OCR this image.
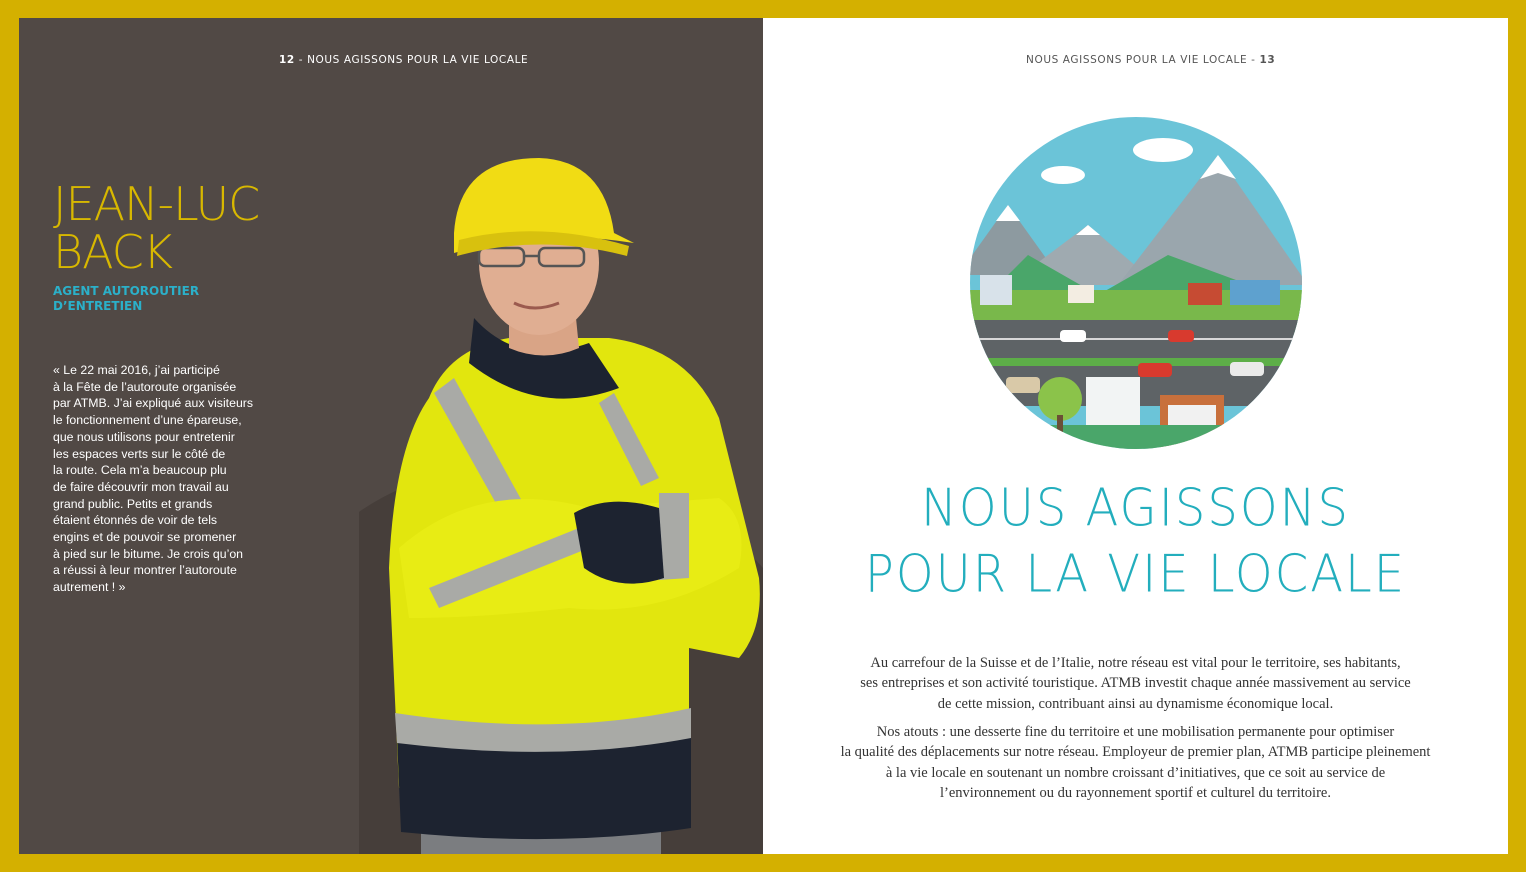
12 - NOUS AGISSONS POUR LA VIE LOCALE
JEAN-LUC
BACK
AGENT AUTOROUTIER
D’ENTRETIEN
« Le 22 mai 2016, j’ai participé
à la Fête de l’autoroute organisée
par ATMB. J’ai expliqué aux visiteurs
le fonctionnement d’une épareuse,
que nous utilisons pour entretenir
les espaces verts sur le côté de
la route. Cela m’a beaucoup plu
de faire découvrir mon travail au
grand public. Petits et grands
étaient étonnés de voir de tels
engins et de pouvoir se promener
à pied sur le bitume. Je crois qu’on
a réussi à leur montrer l’autoroute
autrement ! »
NOUS AGISSONS POUR LA VIE LOCALE - 13
NOUS AGISSONS
POUR LA VIE LOCALE
Au carrefour de la Suisse et de l’Italie, notre réseau est vital pour le territoire, ses habitants,
ses entreprises et son activité touristique. ATMB investit chaque année massivement au service
de cette mission, contribuant ainsi au dynamisme économique local.
Nos atouts : une desserte fine du territoire et une mobilisation permanente pour optimiser
la qualité des déplacements sur notre réseau. Employeur de premier plan, ATMB participe pleinement
à la vie locale en soutenant un nombre croissant d’initiatives, que ce soit au service de
l’environnement ou du rayonnement sportif et culturel du territoire.
